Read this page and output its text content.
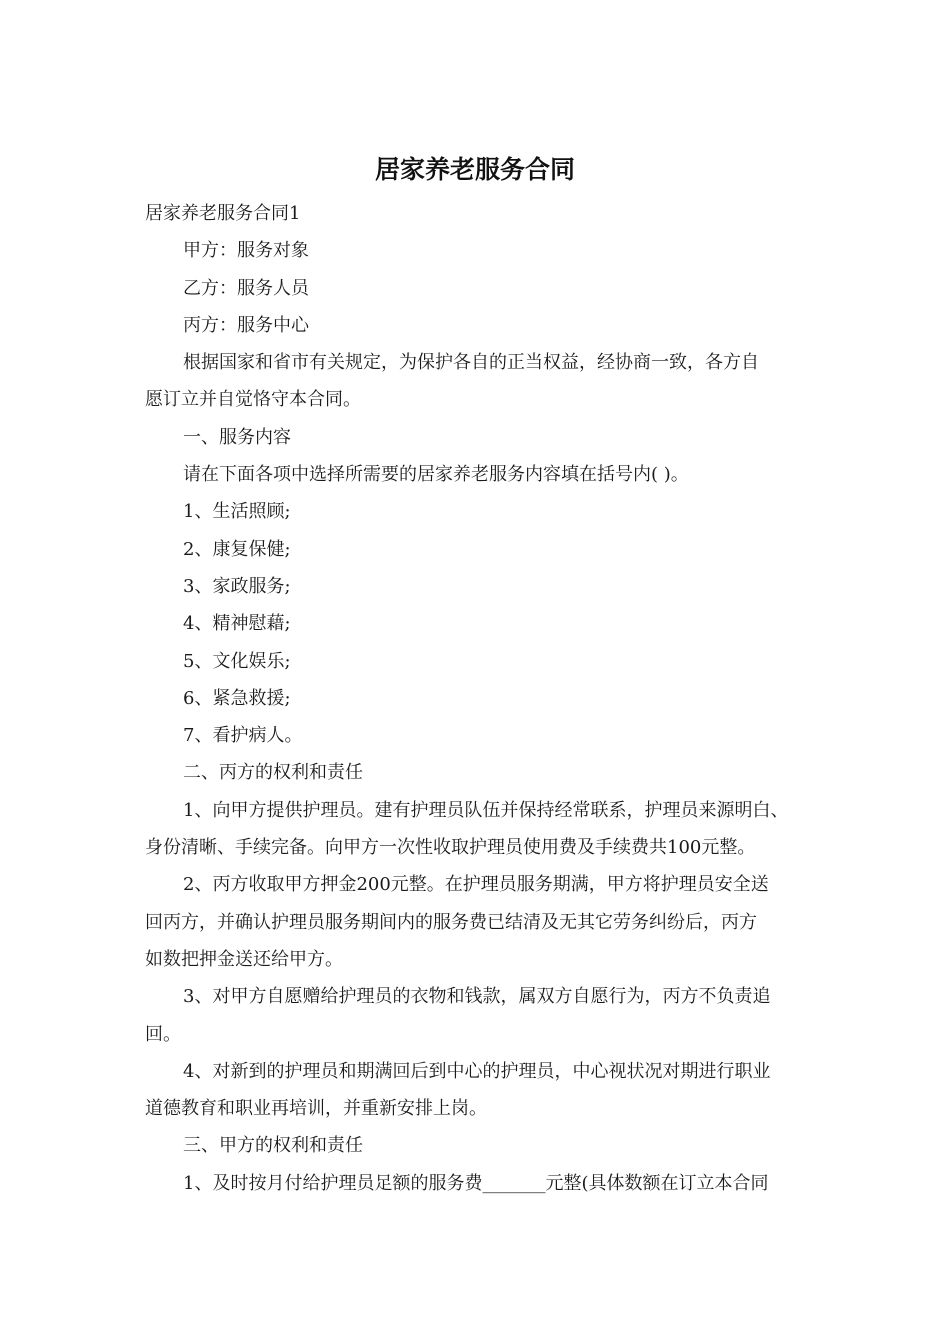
居家养老服务合同

居家养老服务合同1

甲方：服务对象

乙方：服务人员

丙方：服务中心

根据国家和省市有关规定，为保护各自的正当权益，经协商一致，各方自

愿订立并自觉恪守本合同。

一、服务内容

请在下面各项中选择所需要的居家养老服务内容填在括号内( )。

1、生活照顾;

2、康复保健;

3、家政服务;

4、精神慰藉;

5、文化娱乐;

6、紧急救援;

7、看护病人。

二、丙方的权利和责任

1、向甲方提供护理员。建有护理员队伍并保持经常联系，护理员来源明白、

身份清晰、手续完备。向甲方一次性收取护理员使用费及手续费共100元整。

2、丙方收取甲方押金200元整。在护理员服务期满，甲方将护理员安全送

回丙方，并确认护理员服务期间内的服务费已结清及无其它劳务纠纷后，丙方

如数把押金送还给甲方。

3、对甲方自愿赠给护理员的衣物和钱款，属双方自愿行为，丙方不负责追

回。

4、对新到的护理员和期满回后到中心的护理员，中心视状况对期进行职业

道德教育和职业再培训，并重新安排上岗。

三、甲方的权利和责任

1、及时按月付给护理员足额的服务费_______元整(具体数额在订立本合同
